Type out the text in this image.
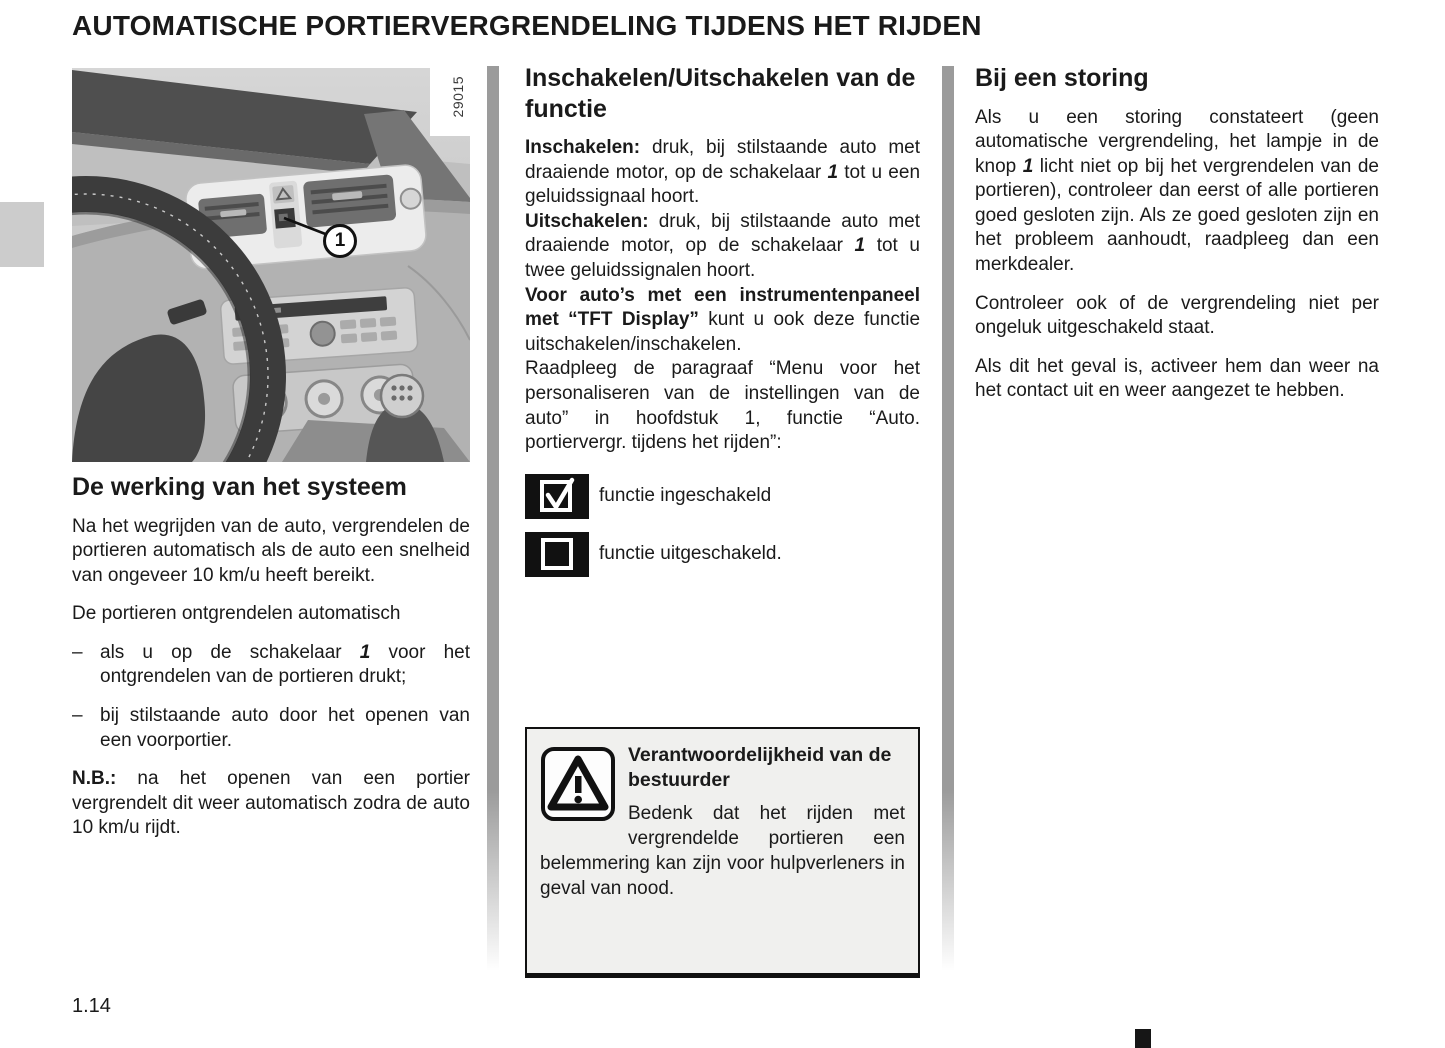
AUTOMATISCHE PORTIERVERGRENDELING TIJDENS HET RIJDEN
29015
1
De werking van het systeem

Na het wegrijden van de auto, vergrendelen de portieren automatisch als de auto een snelheid van ongeveer 10 km/u heeft bereikt.

De portieren ontgrendelen automatisch

– als u op de schakelaar 1 voor het ontgrendelen van de portieren drukt;
– bij stilstaande auto door het openen van een voorportier.

N.B.: na het openen van een portier vergrendelt dit weer automatisch zodra de auto 10 km/u rijdt.

Inschakelen/Uitschakelen van de functie

Inschakelen: druk, bij stilstaande auto met draaiende motor, op de schakelaar 1 tot u een geluidssignaal hoort.

Uitschakelen: druk, bij stilstaande auto met draaiende motor, op de schakelaar 1 tot u twee geluidssignalen hoort.

Voor auto’s met een instrumentenpaneel met “TFT Display” kunt u ook deze functie uitschakelen/inschakelen.

Raadpleeg de paragraaf “Menu voor het personaliseren van de instellingen van de auto” in hoofdstuk 1, functie “Auto. portiervergr. tijdens het rijden”:

functie ingeschakeld
functie uitgeschakeld.

Verantwoordelijkheid van de bestuurder

Bedenk dat het rijden met vergrendelde portieren een belemmering kan zijn voor hulpverleners in geval van nood.

Bij een storing

Als u een storing constateert (geen automatische vergrendeling, het lampje in de knop 1 licht niet op bij het vergrendelen van de portieren), controleer dan eerst of alle portieren goed gesloten zijn. Als ze goed gesloten zijn en het probleem aanhoudt, raadpleeg dan een merkdealer.

Controleer ook of de vergrendeling niet per ongeluk uitgeschakeld staat.

Als dit het geval is, activeer hem dan weer na het contact uit en weer aangezet te hebben.

1.14
